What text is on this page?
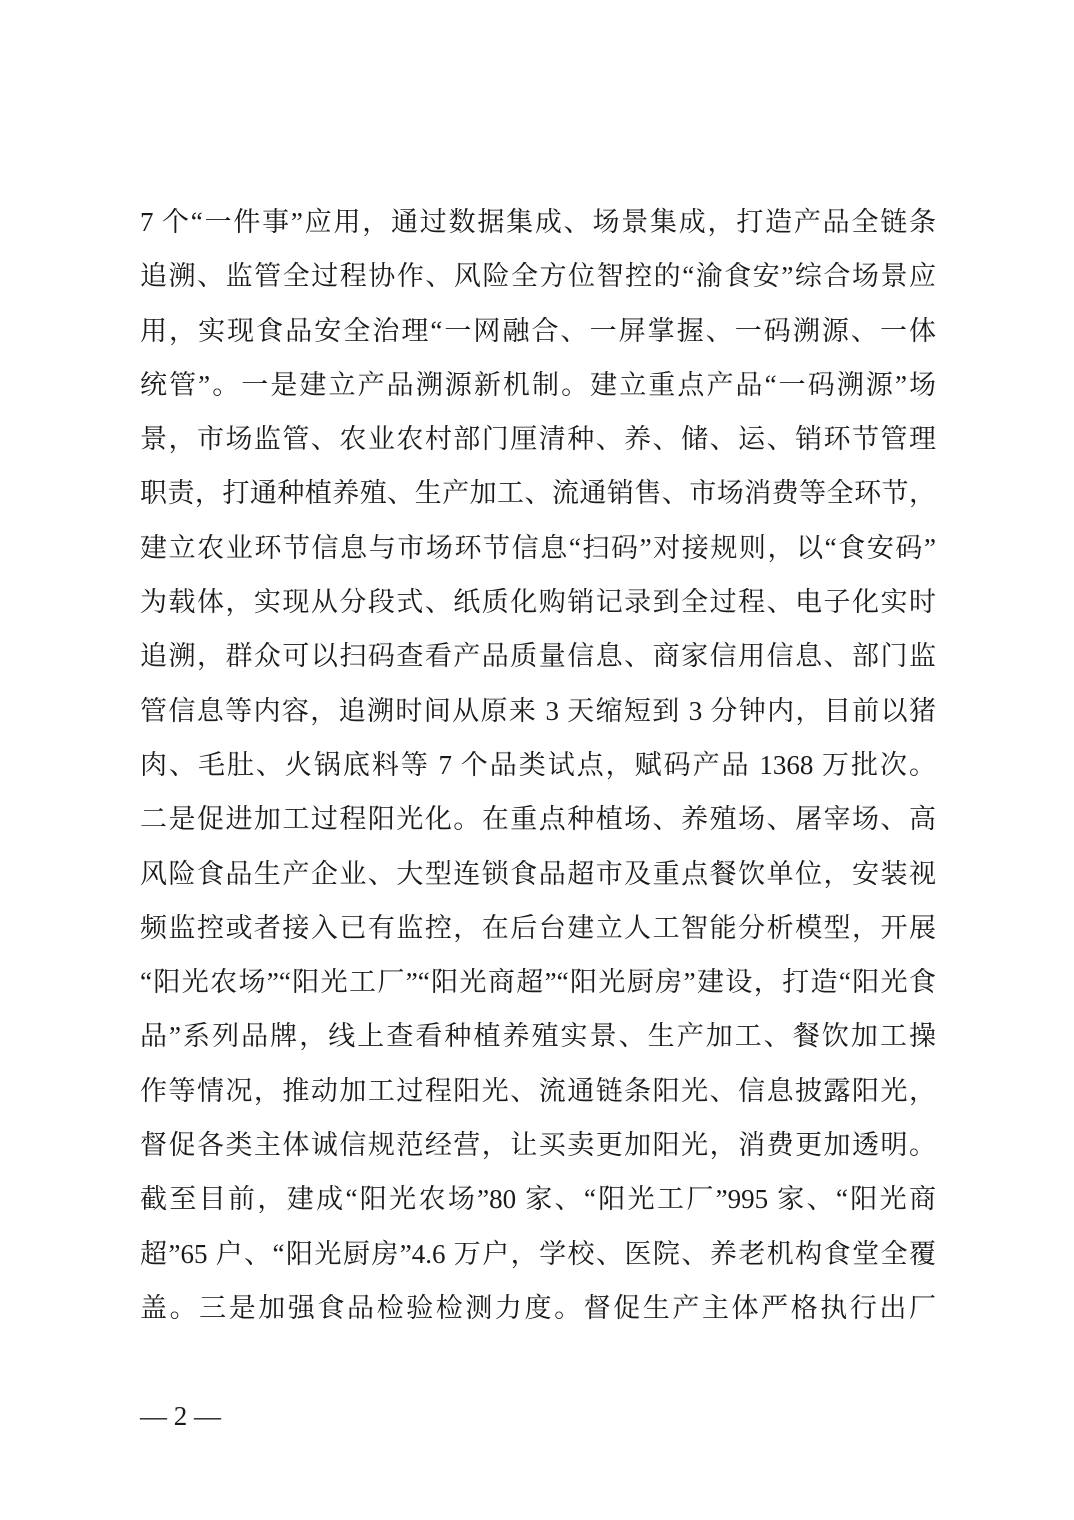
7 个“一件事”应用，通过数据集成、场景集成，打造产品全链条
追溯、监管全过程协作、风险全方位智控的“渝食安”综合场景应
用，实现食品安全治理“一网融合、一屏掌握、一码溯源、一体
统管”。一是建立产品溯源新机制。建立重点产品“一码溯源”场
景，市场监管、农业农村部门厘清种、养、储、运、销环节管理
职责，打通种植养殖、生产加工、流通销售、市场消费等全环节，
建立农业环节信息与市场环节信息“扫码”对接规则，以“食安码”
为载体，实现从分段式、纸质化购销记录到全过程、电子化实时
追溯，群众可以扫码查看产品质量信息、商家信用信息、部门监
管信息等内容，追溯时间从原来 3 天缩短到 3 分钟内，目前以猪
肉、毛肚、火锅底料等 7 个品类试点，赋码产品 1368 万批次。
二是促进加工过程阳光化。在重点种植场、养殖场、屠宰场、高
风险食品生产企业、大型连锁食品超市及重点餐饮单位，安装视
频监控或者接入已有监控，在后台建立人工智能分析模型，开展
“阳光农场”“阳光工厂”“阳光商超”“阳光厨房”建设，打造“阳光食
品”系列品牌，线上查看种植养殖实景、生产加工、餐饮加工操
作等情况，推动加工过程阳光、流通链条阳光、信息披露阳光，
督促各类主体诚信规范经营，让买卖更加阳光，消费更加透明。
截至目前，建成“阳光农场”80 家、“阳光工厂”995 家、“阳光商
超”65 户、“阳光厨房”4.6 万户，学校、医院、养老机构食堂全覆
盖。三是加强食品检验检测力度。督促生产主体严格执行出厂
— 2 —
